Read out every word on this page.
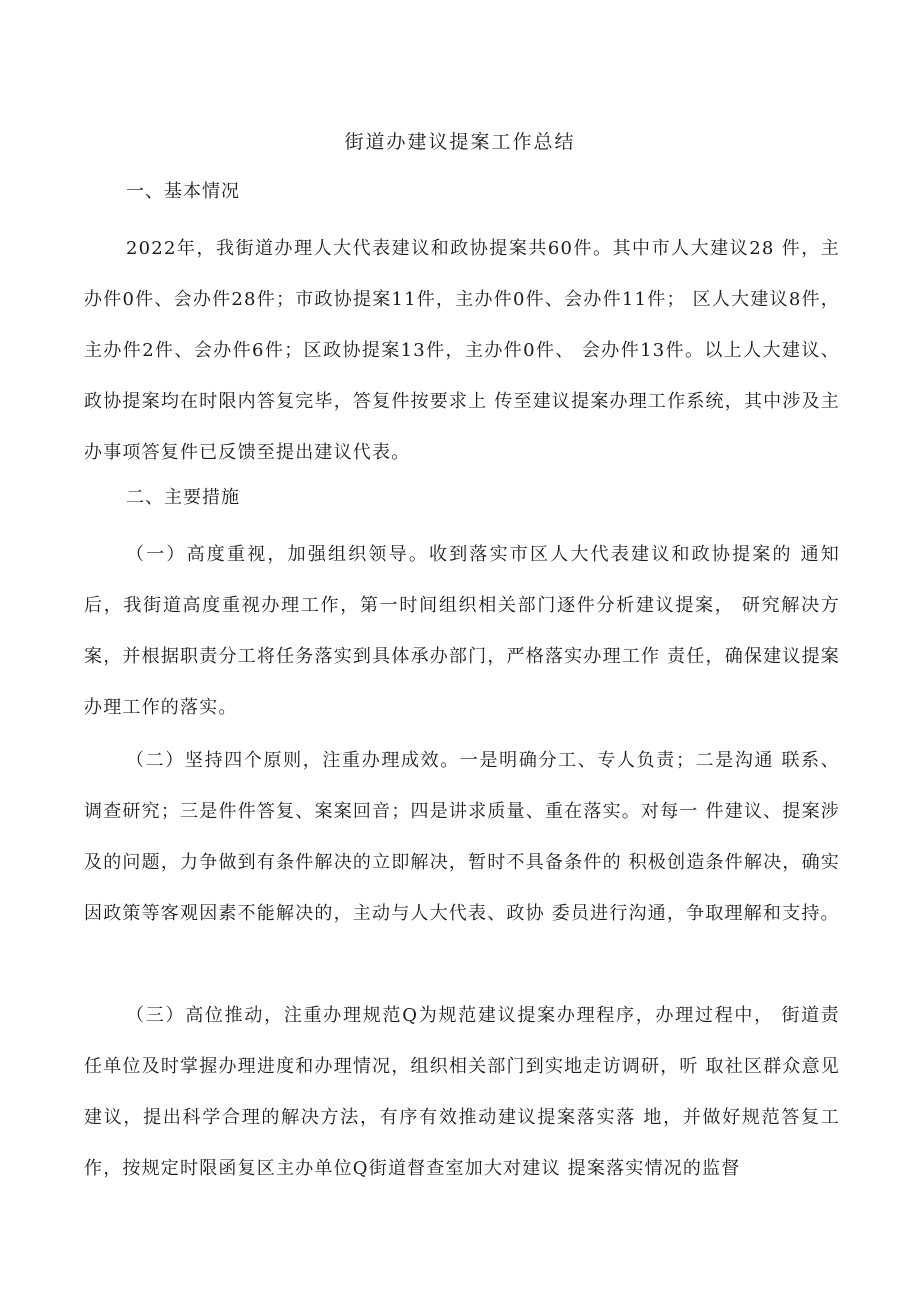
街道办建议提案工作总结
一、基本情况

2022年，我街道办理人大代表建议和政协提案共60件。其中市人大建议28 件，主办件0件、会办件28件；市政协提案11件，主办件0件、会办件11件； 区人大建议8件，主办件2件、会办件6件；区政协提案13件，主办件0件、 会办件13件。以上人大建议、政协提案均在时限内答复完毕，答复件按要求上 传至建议提案办理工作系统，其中涉及主办事项答复件已反馈至提出建议代表。

二、主要措施

（一）高度重视，加强组织领导。收到落实市区人大代表建议和政协提案的 通知后，我街道高度重视办理工作，第一时间组织相关部门逐件分析建议提案， 研究解决方案，并根据职责分工将任务落实到具体承办部门，严格落实办理工作 责任，确保建议提案办理工作的落实。

（二）坚持四个原则，注重办理成效。一是明确分工、专人负责；二是沟通 联系、调查研究；三是件件答复、案案回音；四是讲求质量、重在落实。对每一 件建议、提案涉及的问题，力争做到有条件解决的立即解决，暂时不具备条件的 积极创造条件解决，确实因政策等客观因素不能解决的，主动与人大代表、政协 委员进行沟通，争取理解和支持。

（三）高位推动，注重办理规范Q为规范建议提案办理程序，办理过程中， 街道责任单位及时掌握办理进度和办理情况，组织相关部门到实地走访调研，听 取社区群众意见建议，提出科学合理的解决方法，有序有效推动建议提案落实落 地，并做好规范答复工作，按规定时限函复区主办单位Q街道督查室加大对建议 提案落实情况的监督
